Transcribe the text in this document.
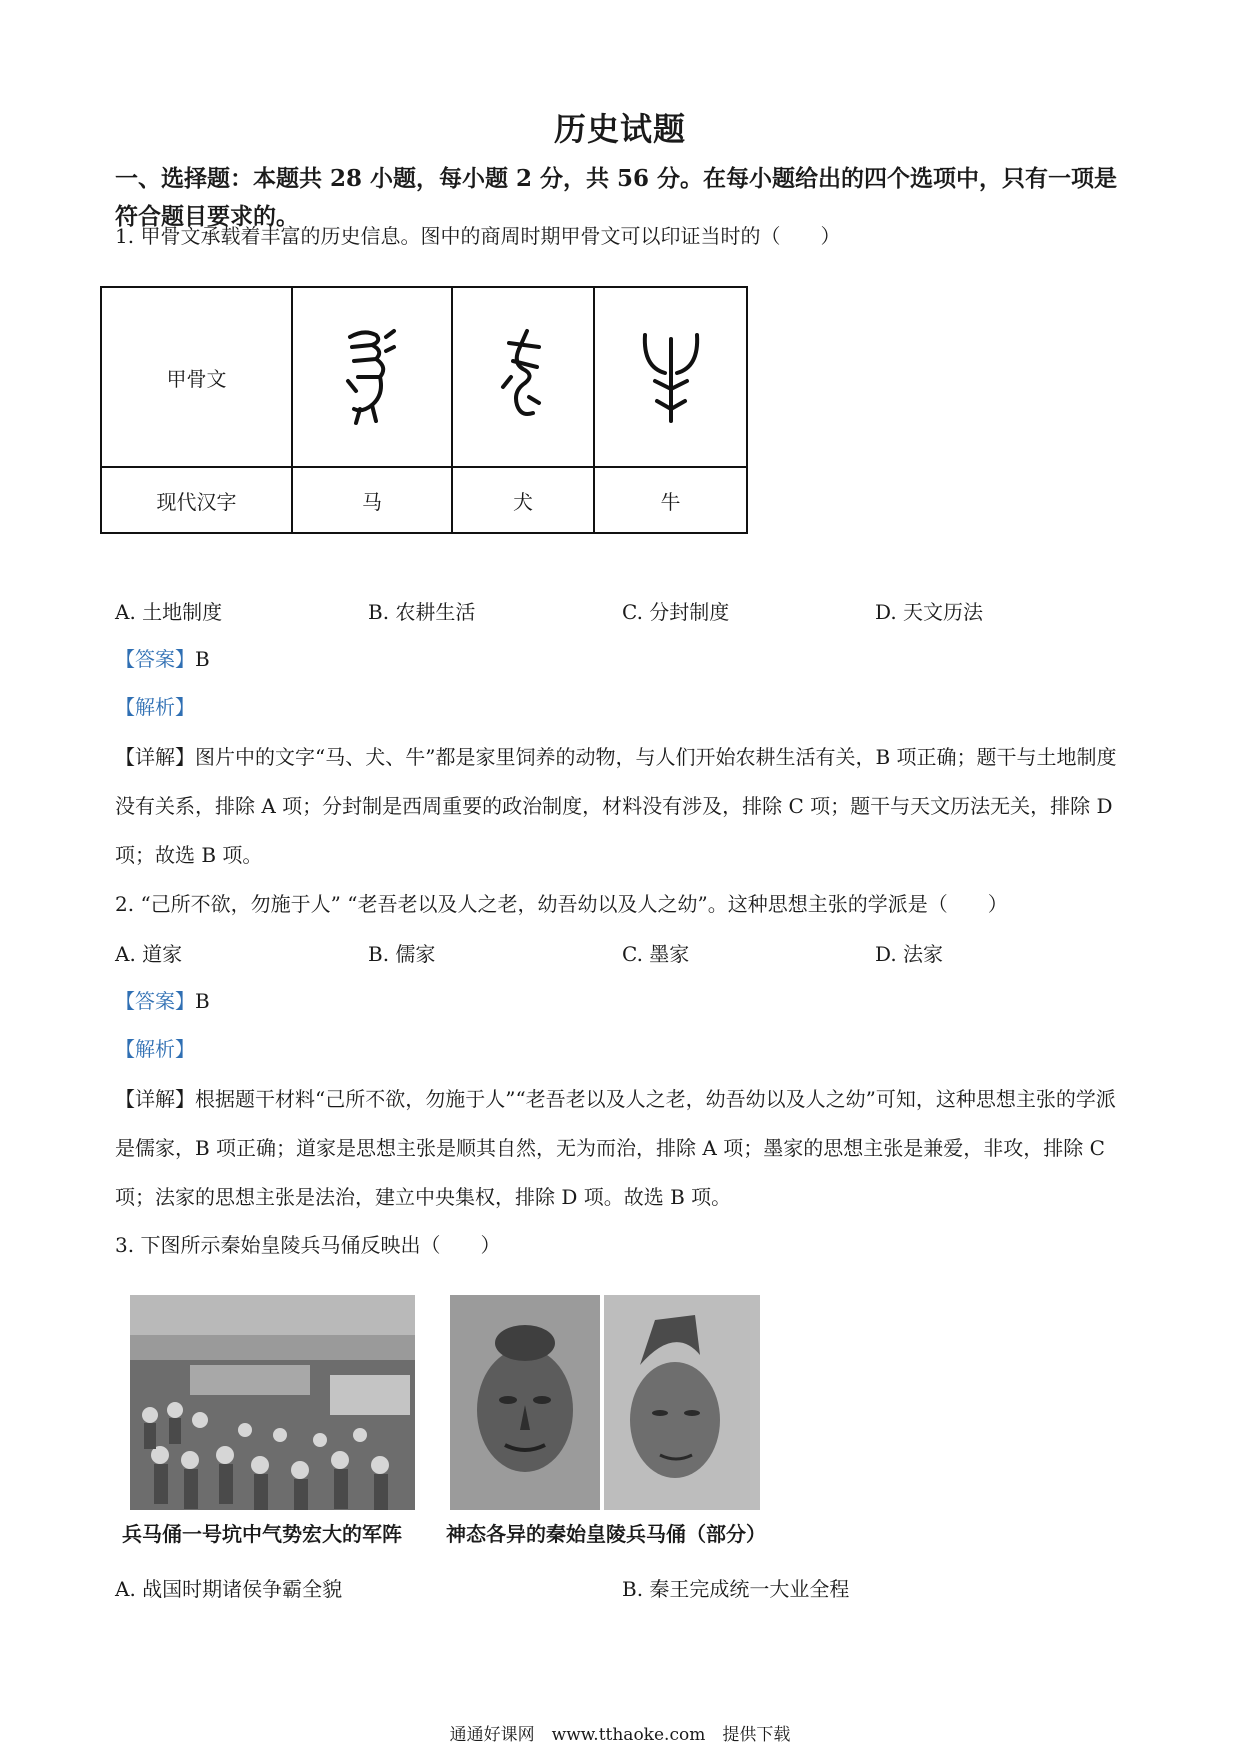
历史试题
一、选择题：本题共 28 小题，每小题 2 分，共 56 分。在每小题给出的四个选项中，只有一项是符合题目要求的。
1. 甲骨文承载着丰富的历史信息。图中的商周时期甲骨文可以印证当时的（　　）
甲骨文	

现代汉字	马	犬	牛
A. 土地制度	B. 农耕生活	C. 分封制度	D. 天文历法
【答案】B
【解析】
【详解】图片中的文字“马、犬、牛”都是家里饲养的动物，与人们开始农耕生活有关，B 项正确；题干与土地制度没有关系，排除 A 项；分封制是西周重要的政治制度，材料没有涉及，排除 C 项；题干与天文历法无关，排除 D 项；故选 B 项。
2. “己所不欲，勿施于人” “老吾老以及人之老，幼吾幼以及人之幼”。这种思想主张的学派是（　　）
A. 道家	B. 儒家	C. 墨家	D. 法家
【答案】B
【解析】
【详解】根据题干材料“己所不欲，勿施于人”“老吾老以及人之老，幼吾幼以及人之幼”可知，这种思想主张的学派是儒家，B 项正确；道家是思想主张是顺其自然，无为而治，排除 A 项；墨家的思想主张是兼爱，非攻，排除 C 项；法家的思想主张是法治，建立中央集权，排除 D 项。故选 B 项。
3. 下图所示秦始皇陵兵马俑反映出（　　）
兵马俑一号坑中气势宏大的军阵 神态各异的秦始皇陵兵马俑（部分）
A. 战国时期诸侯争霸全貌	B. 秦王完成统一大业全程
通通好课网　www.tthaoke.com　提供下载
